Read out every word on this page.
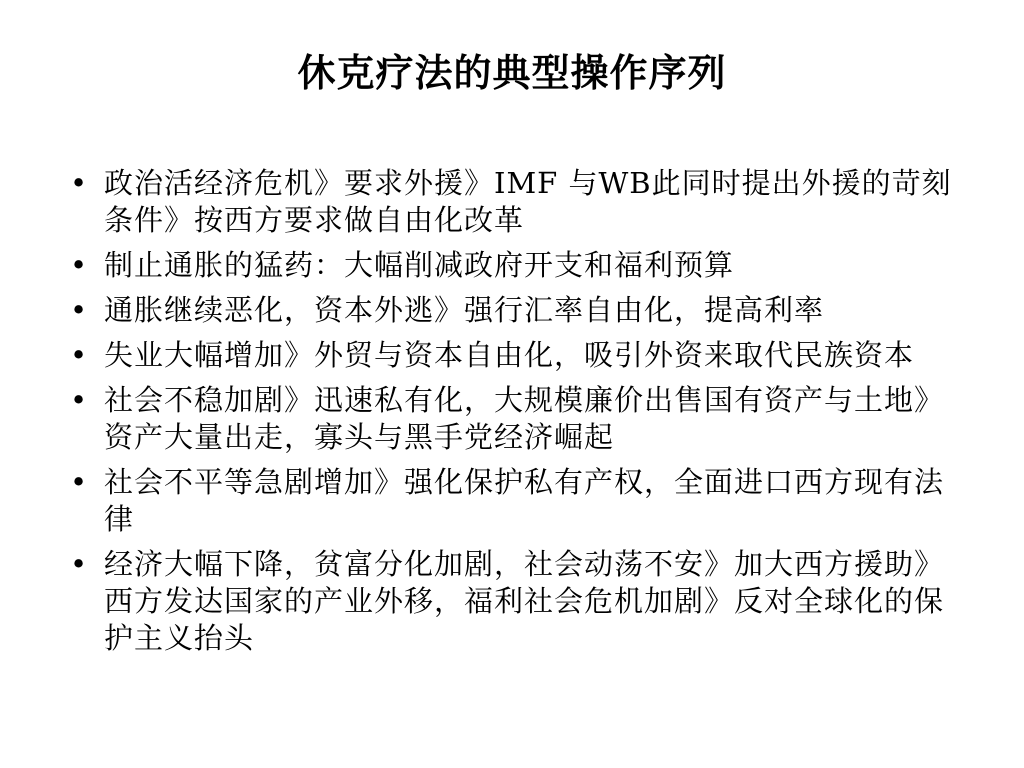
休克疗法的典型操作序列
• 政治活经济危机》要求外援》IMF 与WB此同时提出外援的苛刻条件》按西方要求做自由化改革
• 制止通胀的猛药：大幅削减政府开支和福利预算
• 通胀继续恶化，资本外逃》强行汇率自由化，提高利率
• 失业大幅增加》外贸与资本自由化，吸引外资来取代民族资本
• 社会不稳加剧》迅速私有化，大规模廉价出售国有资产与土地》资产大量出走，寡头与黑手党经济崛起
• 社会不平等急剧增加》强化保护私有产权，全面进口西方现有法律
• 经济大幅下降，贫富分化加剧，社会动荡不安》加大西方援助》西方发达国家的产业外移，福利社会危机加剧》反对全球化的保护主义抬头
